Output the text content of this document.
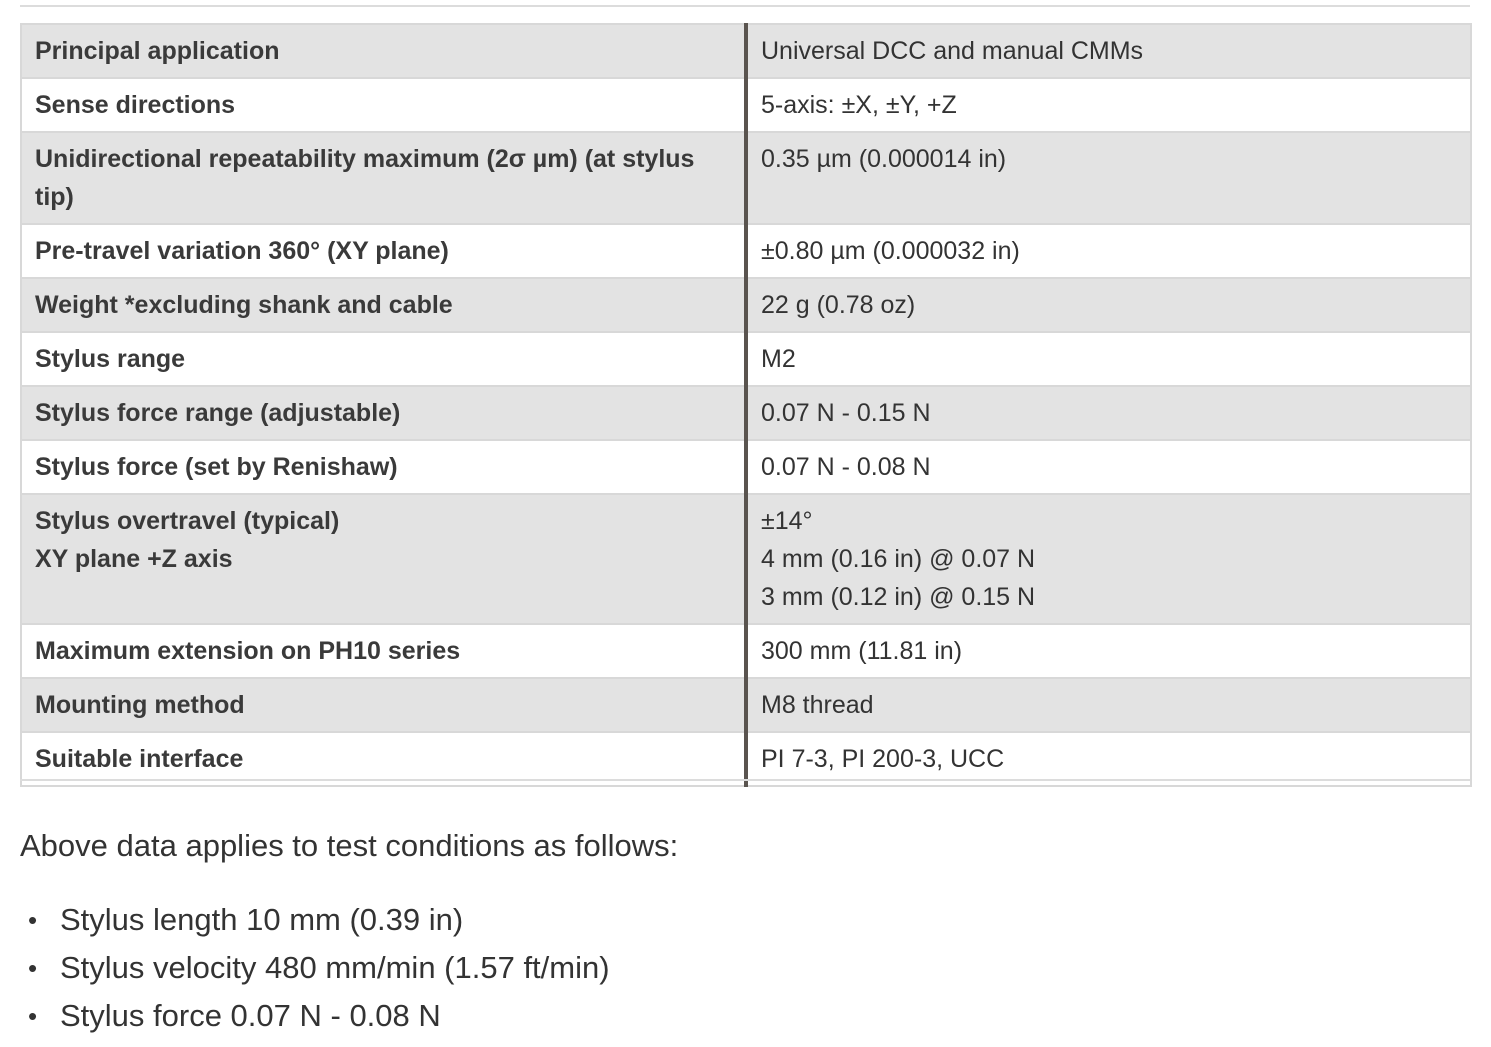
Principal application	Universal DCC and manual CMMs

Sense directions	5-axis: ±X, ±Y, +Z

Unidirectional repeatability maximum (2σ µm) (at stylus tip)	0.35 µm (0.000014 in)

Pre-travel variation 360° (XY plane)	±0.80 µm (0.000032 in)

Weight *excluding shank and cable	22 g (0.78 oz)

Stylus range	M2

Stylus force range (adjustable)	0.07 N - 0.15 N

Stylus force (set by Renishaw)	0.07 N - 0.08 N

Stylus overtravel (typical)
XY plane +Z axis	±14°
4 mm (0.16 in) @ 0.07 N
3 mm (0.12 in) @ 0.15 N

Maximum extension on PH10 series	300 mm (11.81 in)

Mounting method	M8 thread

Suitable interface	PI 7-3, PI 200-3, UCC

Above data applies to test conditions as follows:

• Stylus length 10 mm (0.39 in)
• Stylus velocity 480 mm/min (1.57 ft/min)
• Stylus force 0.07 N - 0.08 N
